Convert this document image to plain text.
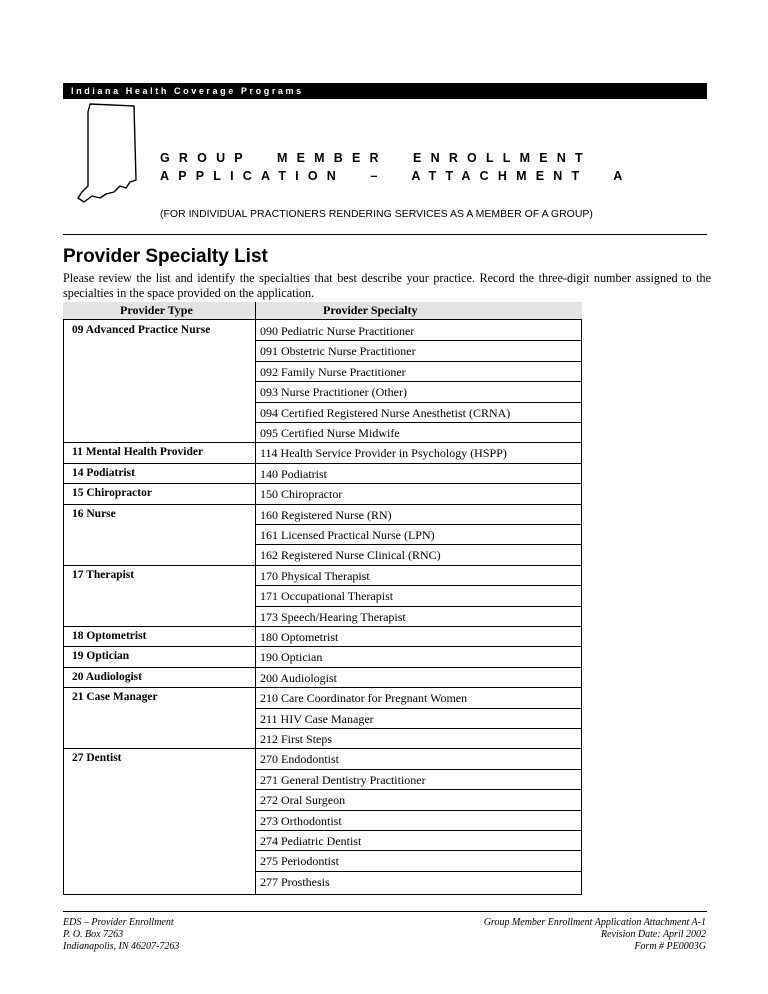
Indiana Health Coverage Programs
GROUP  MEMBER  ENROLLMENT
APPLICATION  –  ATTACHMENT  A
(FOR INDIVIDUAL PRACTIONERS RENDERING SERVICES AS A MEMBER OF A GROUP)
Provider Specialty List

Please review the list and identify the specialties that best describe your practice. Record the three-digit number assigned to the specialties in the space provided on the application.

Provider Type	Provider Specialty
09 Advanced Practice Nurse	090 Pediatric Nurse Practitioner
091 Obstetric Nurse Practitioner
092 Family Nurse Practitioner
093 Nurse Practitioner (Other)
094 Certified Registered Nurse Anesthetist (CRNA)
095 Certified Nurse Midwife
11 Mental Health Provider	114 Health Service Provider in Psychology (HSPP)
14 Podiatrist	140 Podiatrist
15 Chiropractor	150 Chiropractor
16 Nurse	160 Registered Nurse (RN)
161 Licensed Practical Nurse (LPN)
162 Registered Nurse Clinical (RNC)
17 Therapist	170 Physical Therapist
171 Occupational Therapist
173 Speech/Hearing Therapist
18 Optometrist	180 Optometrist
19 Optician	190 Optician
20 Audiologist	200 Audiologist
21 Case Manager	210 Care Coordinator for Pregnant Women
211 HIV Case Manager
212 First Steps
27 Dentist	270 Endodontist
271 General Dentistry Practitioner
272 Oral Surgeon
273 Orthodontist
274 Pediatric Dentist
275 Periodontist
277 Prosthesis
EDS – Provider Enrollment
P. O. Box 7263
Indianapolis, IN 46207-7263
Group Member Enrollment Application Attachment A-1
Revision Date: April 2002
Form # PE0003G
